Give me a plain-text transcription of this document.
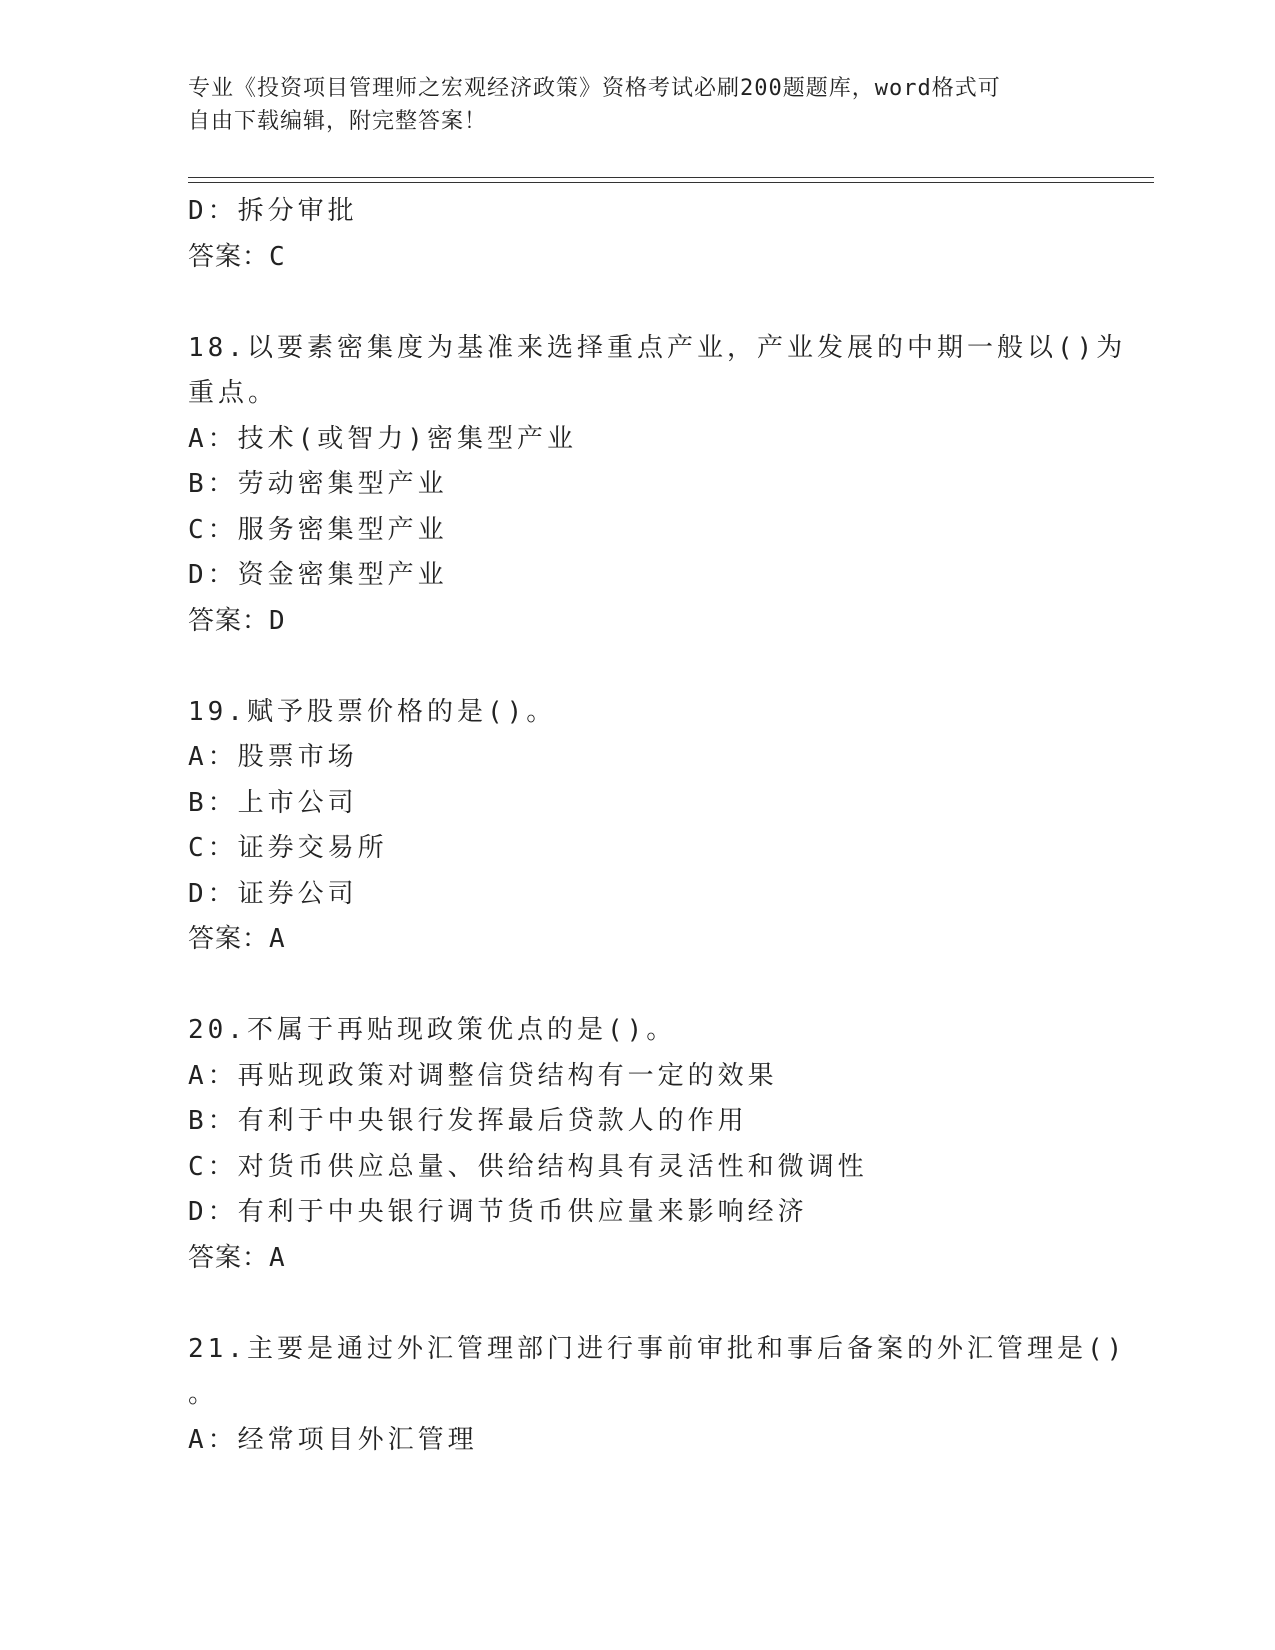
专业《投资项目管理师之宏观经济政策》资格考试必刷200题题库，word格式可
自由下载编辑，附完整答案！
D：拆分审批
答案：C
18.以要素密集度为基准来选择重点产业，产业发展的中期一般以()为
重点。
A：技术(或智力)密集型产业
B：劳动密集型产业
C：服务密集型产业
D：资金密集型产业
答案：D
19.赋予股票价格的是()。
A：股票市场
B：上市公司
C：证券交易所
D：证券公司
答案：A
20.不属于再贴现政策优点的是()。
A：再贴现政策对调整信贷结构有一定的效果
B：有利于中央银行发挥最后贷款人的作用
C：对货币供应总量、供给结构具有灵活性和微调性
D：有利于中央银行调节货币供应量来影响经济
答案：A
21.主要是通过外汇管理部门进行事前审批和事后备案的外汇管理是()
。
A：经常项目外汇管理
